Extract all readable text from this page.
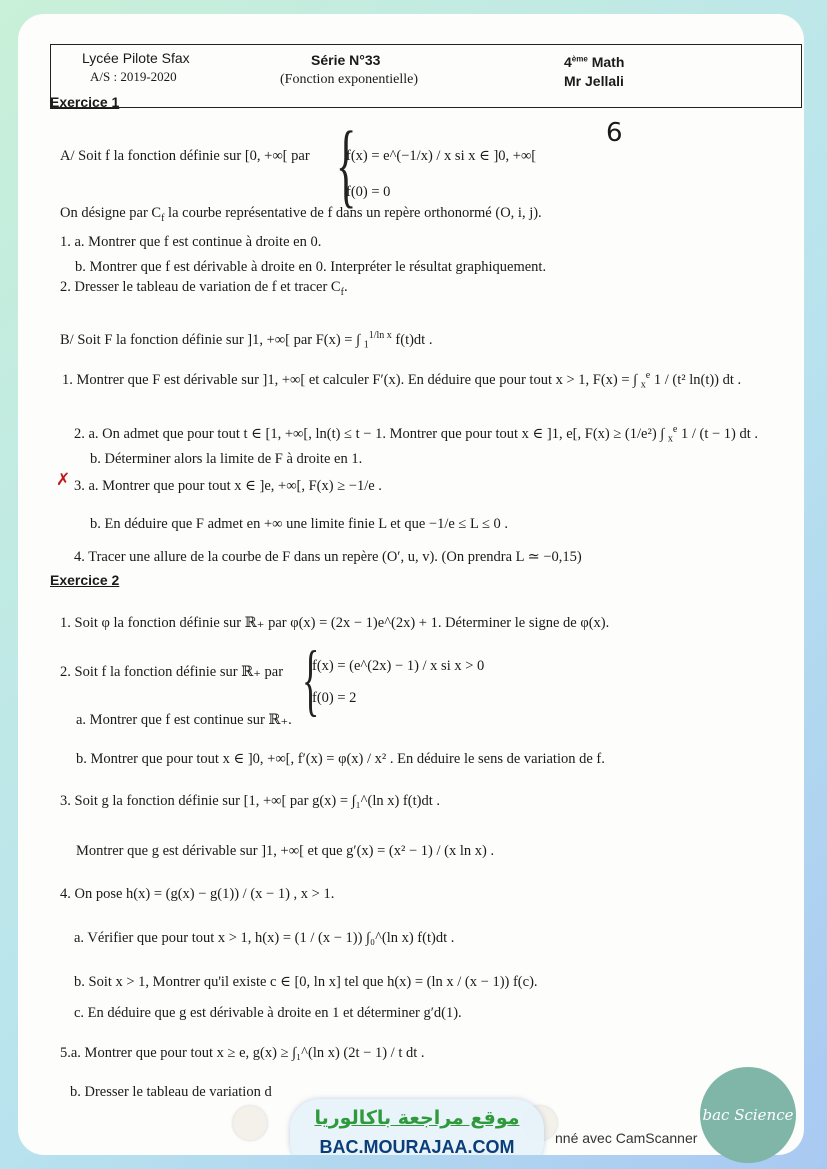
Lycée Pilote Sfax
A/S : 2019-2020
Série N°33
(Fonction exponentielle)
4ème Math
Mr Jellali
Exercice 1
6
A/ Soit f la fonction définie sur [0, +∞[ par {
f(x) = e^(−1/x) / x si x ∈ ]0, +∞[
f(0) = 0
On désigne par $C_f$ la courbe représentative de f dans un repère orthonormé (O, i, j).
1. a. Montrer que f est continue à droite en 0.
b. Montrer que f est dérivable à droite en 0. Interpréter le résultat graphiquement.
2. Dresser le tableau de variation de f et tracer $C_f$.
B/ Soit F la fonction définie sur ]1, +∞[ par F(x) = ∫ $_1^{1/ln x}$ f(t)dt .
1. Montrer que F est dérivable sur ]1, +∞[ et calculer F′(x). En déduire que pour tout x > 1, F(x) = ∫ $_x^e$ 1 / (t² ln(t)) dt .
2. a. On admet que pour tout t ∈ [1, +∞[, ln(t) ≤ t − 1. Montrer que pour tout x ∈ ]1, e[, F(x) ≥ (1/e²) ∫ $_x^e$ 1 / (t − 1) dt .
b. Déterminer alors la limite de F à droite en 1.
✗ 3. a. Montrer que pour tout x ∈ ]e, +∞[, F(x) ≥ −1/e .
b. En déduire que F admet en +∞ une limite finie L et que −1/e ≤ L ≤ 0 .
4. Tracer une allure de la courbe de F dans un repère (O′, u, v). (On prendra L ≃ −0,15)
Exercice 2
1. Soit φ la fonction définie sur ℝ₊ par φ(x) = (2x − 1)e^(2x) + 1. Déterminer le signe de φ(x).
2. Soit f la fonction définie sur ℝ₊ par {
f(x) = (e^(2x) − 1) / x si x > 0
f(0) = 2
a. Montrer que f est continue sur ℝ₊.
b. Montrer que pour tout x ∈ ]0, +∞[, f′(x) = φ(x) / x² . En déduire le sens de variation de f.
3. Soit g la fonction définie sur [1, +∞[ par g(x) = ∫₁^(ln x) f(t)dt .
Montrer que g est dérivable sur ]1, +∞[ et que g′(x) = (x² − 1) / (x ln x) .
4. On pose h(x) = (g(x) − g(1)) / (x − 1) , x > 1.
a. Vérifier que pour tout x > 1, h(x) = (1 / (x − 1)) ∫₀^(ln x) f(t)dt .
b. Soit x > 1, Montrer qu'il existe c ∈ [0, ln x] tel que h(x) = (ln x / (x − 1)) f(c).
c. En déduire que g est dérivable à droite en 1 et déterminer g′d(1).
5.a. Montrer que pour tout x ≥ e, g(x) ≥ ∫₁^(ln x) (2t − 1) / t dt .
b. Dresser le tableau de variation d
nné avec CamScanner
موقع مراجعة باكالوريا
BAC.MOURAJAA.COM
bac Science
